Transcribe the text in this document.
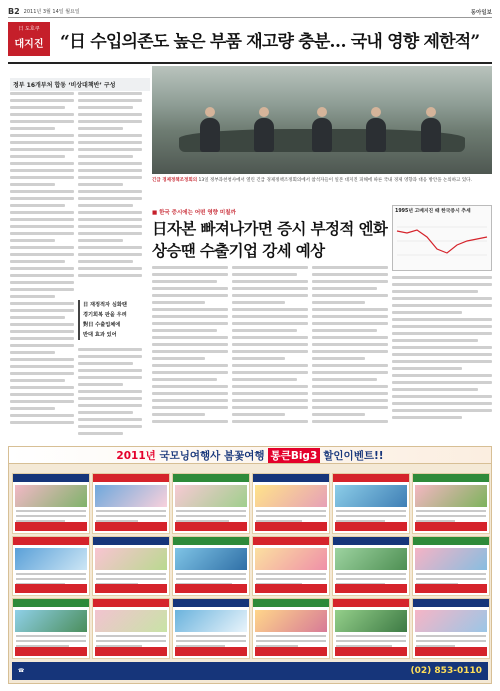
B2 2011년 3월 14일 월요일	동아일보
日 도호쿠
대지진 “日 수입의존도 높은 부품 재고량 충분… 국내 영향 제한적”
정부 16개부처 합동 ‘비상대책반’ 구성
日 재정적자 심화땐
경기회복 판을 우려
對日 수출업체에
반대 효과 있어
긴급 경제정책조정회의 13일 정부과천청사에서 열린 긴급 경제정책조정회의에서 참석자들이 일본 대지진 피해에 따른 국내 경제 영향과 대응 방안을 논의하고 있다.
■ 한국 증시에는 어떤 영향 미칠까
日자본 빠져나가면 증시 부정적 엔화상승땐 수출기업 강세 예상
1995년 고베지진 때 한국증시 추세
2011년
국모닝여행사 봄꽃여행 통큰Big3 할인이벤트!!
☎	(02) 853-0110
